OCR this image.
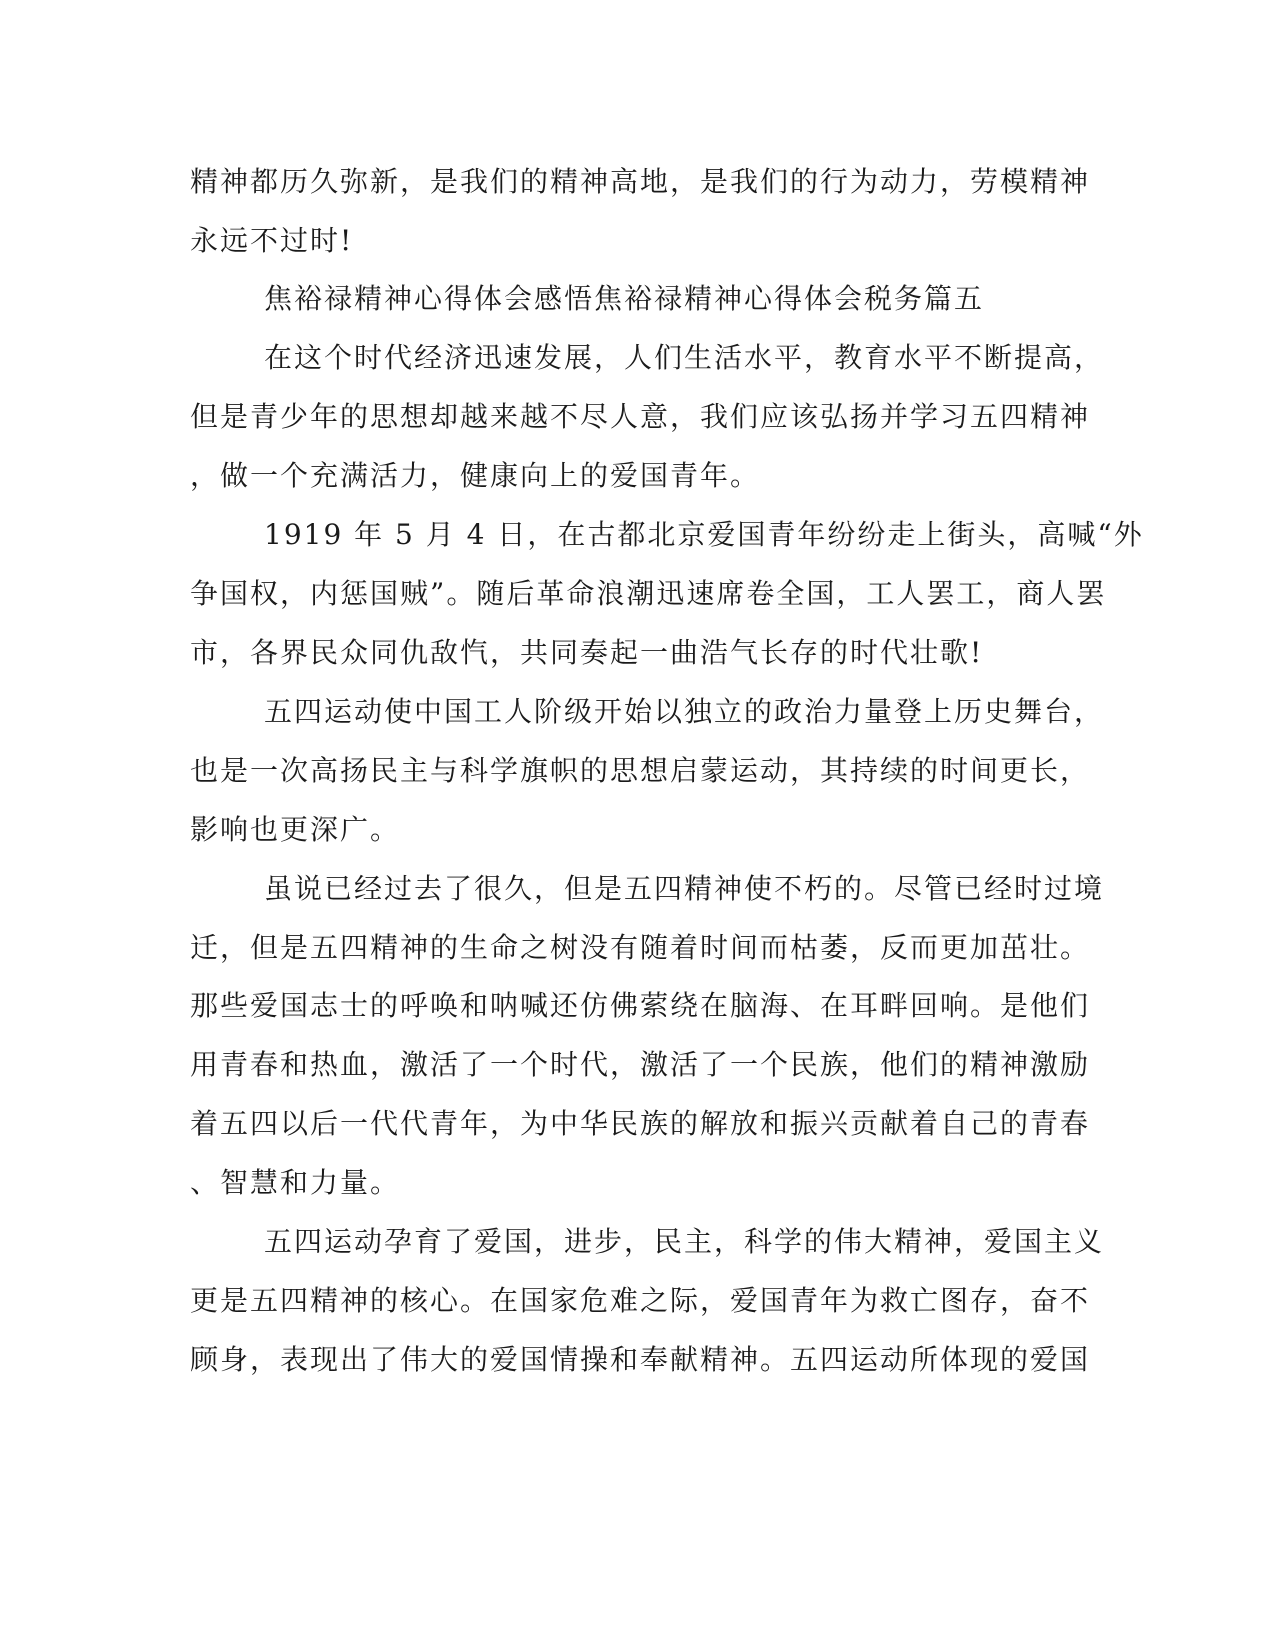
精神都历久弥新，是我们的精神高地，是我们的行为动力，劳模精神
永远不过时!
焦裕禄精神心得体会感悟焦裕禄精神心得体会税务篇五
在这个时代经济迅速发展，人们生活水平，教育水平不断提高，
但是青少年的思想却越来越不尽人意，我们应该弘扬并学习五四精神
，做一个充满活力，健康向上的爱国青年。
1919 年 5 月 4 日，在古都北京爱国青年纷纷走上街头，高喊“外
争国权，内惩国贼”。随后革命浪潮迅速席卷全国，工人罢工，商人罢
市，各界民众同仇敌忾，共同奏起一曲浩气长存的时代壮歌!
五四运动使中国工人阶级开始以独立的政治力量登上历史舞台，
也是一次高扬民主与科学旗帜的思想启蒙运动，其持续的时间更长，
影响也更深广。
虽说已经过去了很久，但是五四精神使不朽的。尽管已经时过境
迁，但是五四精神的生命之树没有随着时间而枯萎，反而更加茁壮。
那些爱国志士的呼唤和呐喊还仿佛萦绕在脑海、在耳畔回响。是他们
用青春和热血，激活了一个时代，激活了一个民族，他们的精神激励
着五四以后一代代青年，为中华民族的解放和振兴贡献着自己的青春
、智慧和力量。
五四运动孕育了爱国，进步，民主，科学的伟大精神，爱国主义
更是五四精神的核心。在国家危难之际，爱国青年为救亡图存，奋不
顾身，表现出了伟大的爱国情操和奉献精神。五四运动所体现的爱国
